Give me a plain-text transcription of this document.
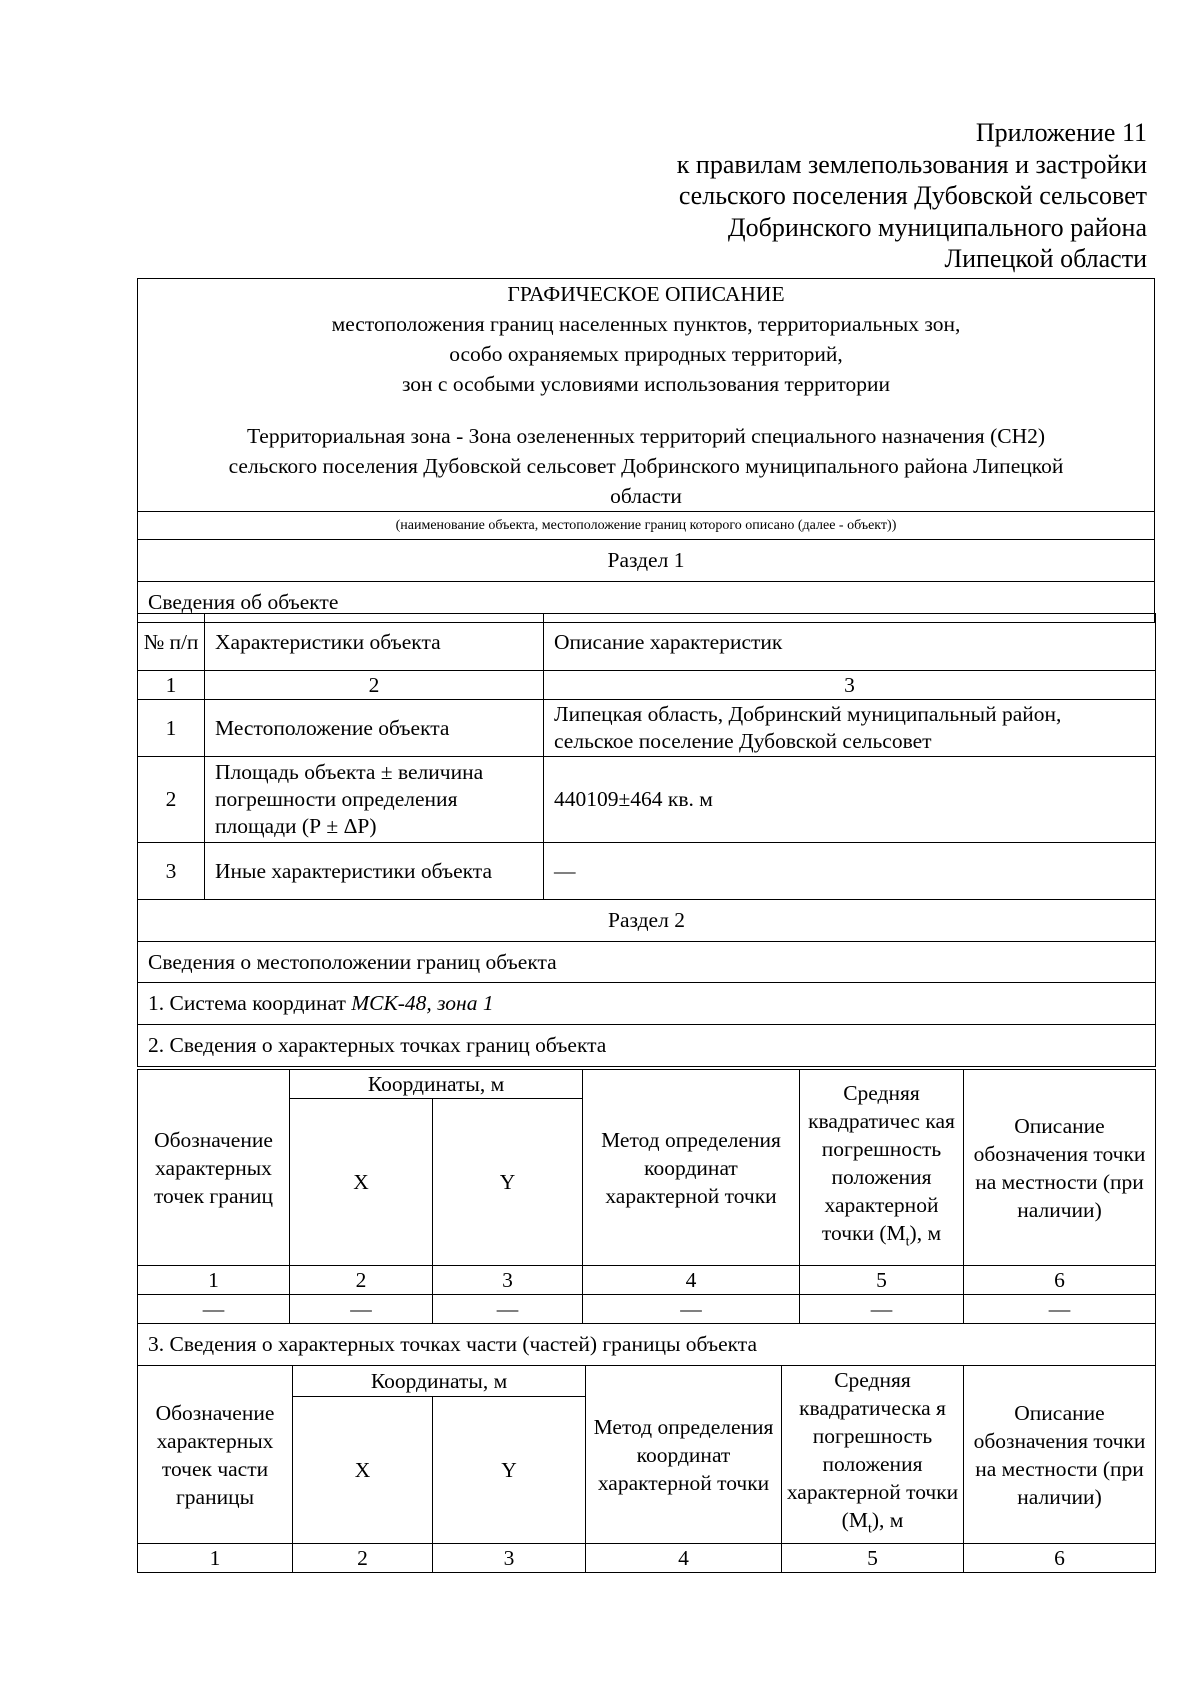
Приложение 11
к правилам землепользования и застройки
сельского поселения Дубовской сельсовет
Добринского муниципального района
Липецкой области
ГРАФИЧЕСКОЕ ОПИСАНИЕ
местоположения границ населенных пунктов, территориальных зон,
особо охраняемых природных территорий,
зон с особыми условиями использования территории
Территориальная зона - Зона озелененных территорий специального назначения (СН2)
сельского поселения Дубовской сельсовет Добринского муниципального района Липецкой
области

(наименование объекта, местоположение границ которого описано (далее - объект))
Раздел 1
Сведения об объекте
№ п/п	Характеристики объекта	Описание характеристик
1	2	3
1	Местоположение объекта	Липецкая область, Добринский муниципальный район, сельское поселение Дубовской сельсовет
2	Площадь объекта ± величина погрешности определения площади (Р ± ΔР)	440109±464 кв. м
3	Иные характеристики объекта	—
Раздел 2		
Сведения о местоположении границ объекта		
1. Система координат МСК-48, зона 1		
2. Сведения о характерных точках границ объекта		
Обозначение характерных точек границ	Координаты, м		Метод определения координат характерной точки	Средняя квадратичес кая погрешность положения характерной точки $(M_t)$, м	Описание обозначения точки на местности (при наличии)
	X	Y			
1	2	3	4	5	6
—	—	—	—	—	—
3. Сведения о характерных точках части (частей) границы объекта					
Обозначение характерных точек части границы	Координаты, м		Метод определения координат характерной точки	Средняя квадратическа я погрешность положения характерной точки $(M_t)$, м	Описание обозначения точки на местности (при наличии)
	X	Y			
1	2	3	4	5	6
